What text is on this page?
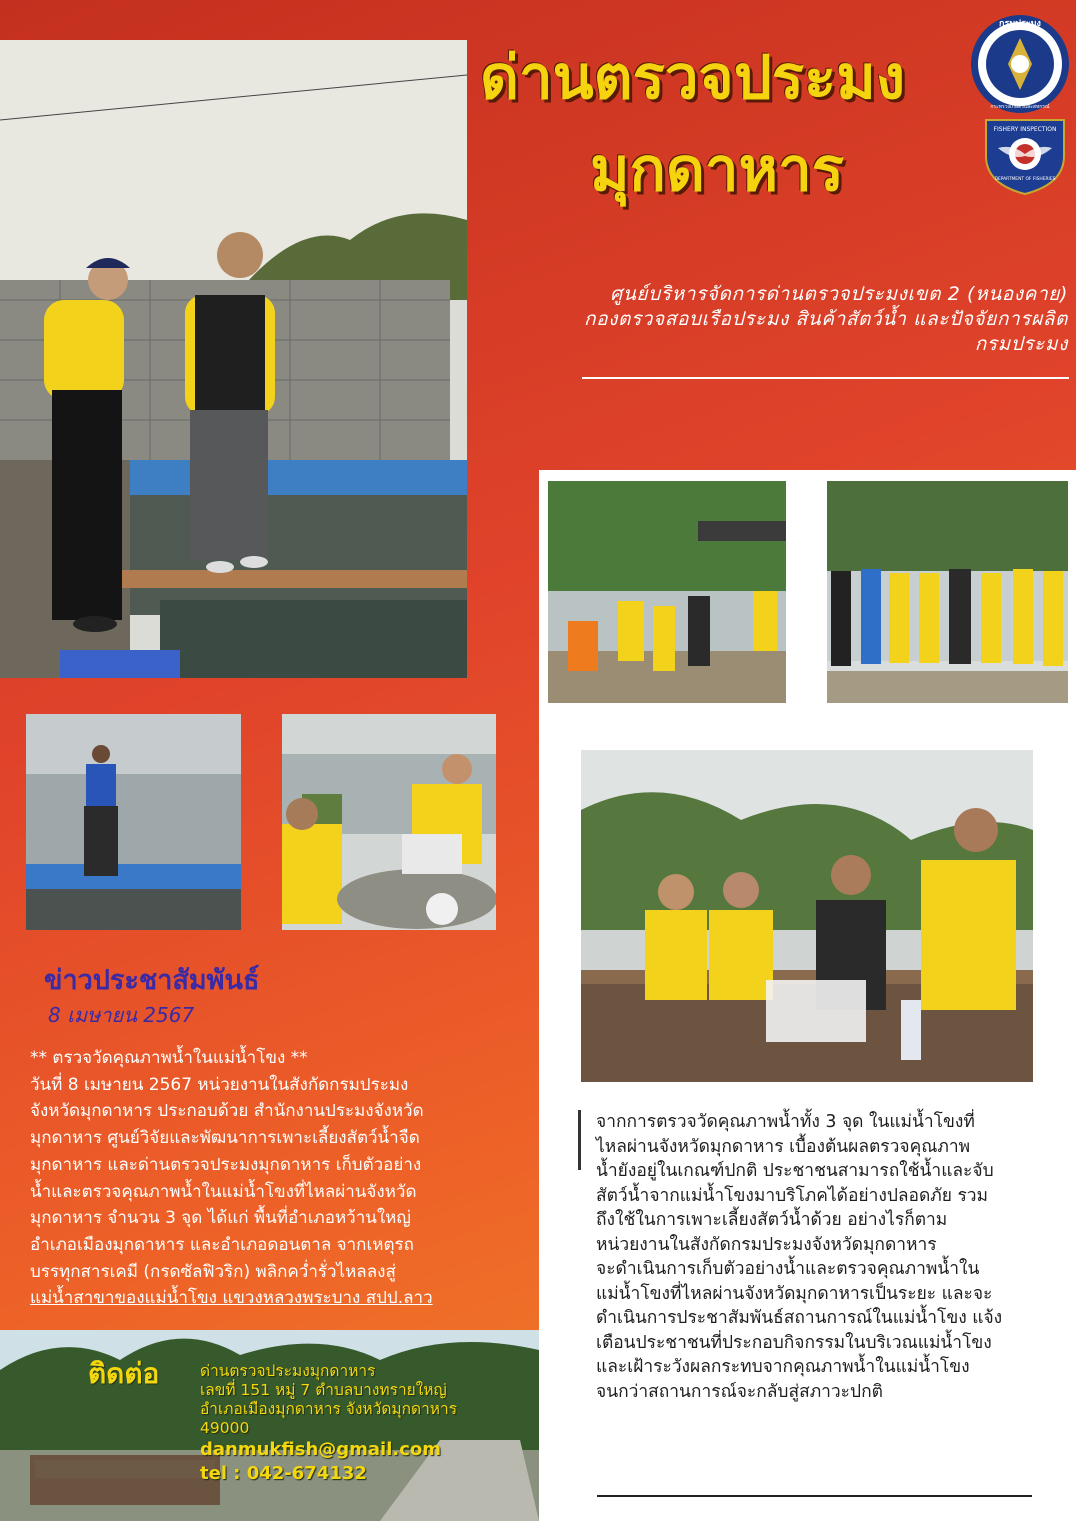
ด่านตรวจประมง
มุกดาหาร
กรมประมง
กระทรวงเกษตรและสหกรณ์
FISHERY INSPECTION
DEPARTMENT OF FISHERIES
ศูนย์บริหารจัดการด่านตรวจประมงเขต 2 (หนองคาย)
กองตรวจสอบเรือประมง สินค้าสัตว์น้ำ และปัจจัยการผลิต
กรมประมง
ข่าวประชาสัมพันธ์
8 เมษายน 2567
** ตรวจวัดคุณภาพน้ำในแม่น้ำโขง **
วันที่ 8 เมษายน 2567 หน่วยงานในสังกัดกรมประมง
จังหวัดมุกดาหาร ประกอบด้วย สำนักงานประมงจังหวัด
มุกดาหาร ศูนย์วิจัยและพัฒนาการเพาะเลี้ยงสัตว์น้ำจืด
มุกดาหาร และด่านตรวจประมงมุกดาหาร เก็บตัวอย่าง
น้ำและตรวจคุณภาพน้ำในแม่น้ำโขงที่ไหลผ่านจังหวัด
มุกดาหาร จำนวน 3 จุด ได้แก่ พื้นที่อำเภอหว้านใหญ่
อำเภอเมืองมุกดาหาร และอำเภอดอนตาล จากเหตุรถ
บรรทุกสารเคมี (กรดซัลฟิวริก) พลิกคว่ำรั่วไหลลงสู่
แม่น้ำสาขาของแม่น้ำโขง แขวงหลวงพระบาง สปป.ลาว
จากการตรวจวัดคุณภาพน้ำทั้ง 3 จุด ในแม่น้ำโขงที่
ไหลผ่านจังหวัดมุกดาหาร เบื้องต้นผลตรวจคุณภาพ
น้ำยังอยู่ในเกณฑ์ปกติ ประชาชนสามารถใช้น้ำและจับ
สัตว์น้ำจากแม่น้ำโขงมาบริโภคได้อย่างปลอดภัย รวม
ถึงใช้ในการเพาะเลี้ยงสัตว์น้ำด้วย อย่างไรก็ตาม
หน่วยงานในสังกัดกรมประมงจังหวัดมุกดาหาร
จะดำเนินการเก็บตัวอย่างน้ำและตรวจคุณภาพน้ำใน
แม่น้ำโขงที่ไหลผ่านจังหวัดมุกดาหารเป็นระยะ และจะ
ดำเนินการประชาสัมพันธ์สถานการณ์ในแม่น้ำโขง แจ้ง
เตือนประชาชนที่ประกอบกิจกรรมในบริเวณแม่น้ำโขง
และเฝ้าระวังผลกระทบจากคุณภาพน้ำในแม่น้ำโขง
จนกว่าสถานการณ์จะกลับสู่สภาวะปกติ
ติดต่อ	ด่านตรวจประมงมุกดาหาร
เลขที่ 151 หมู่ 7 ตำบลบางทรายใหญ่
อำเภอเมืองมุกดาหาร จังหวัดมุกดาหาร
49000
danmukfish@gmail.com
tel : 042-674132
